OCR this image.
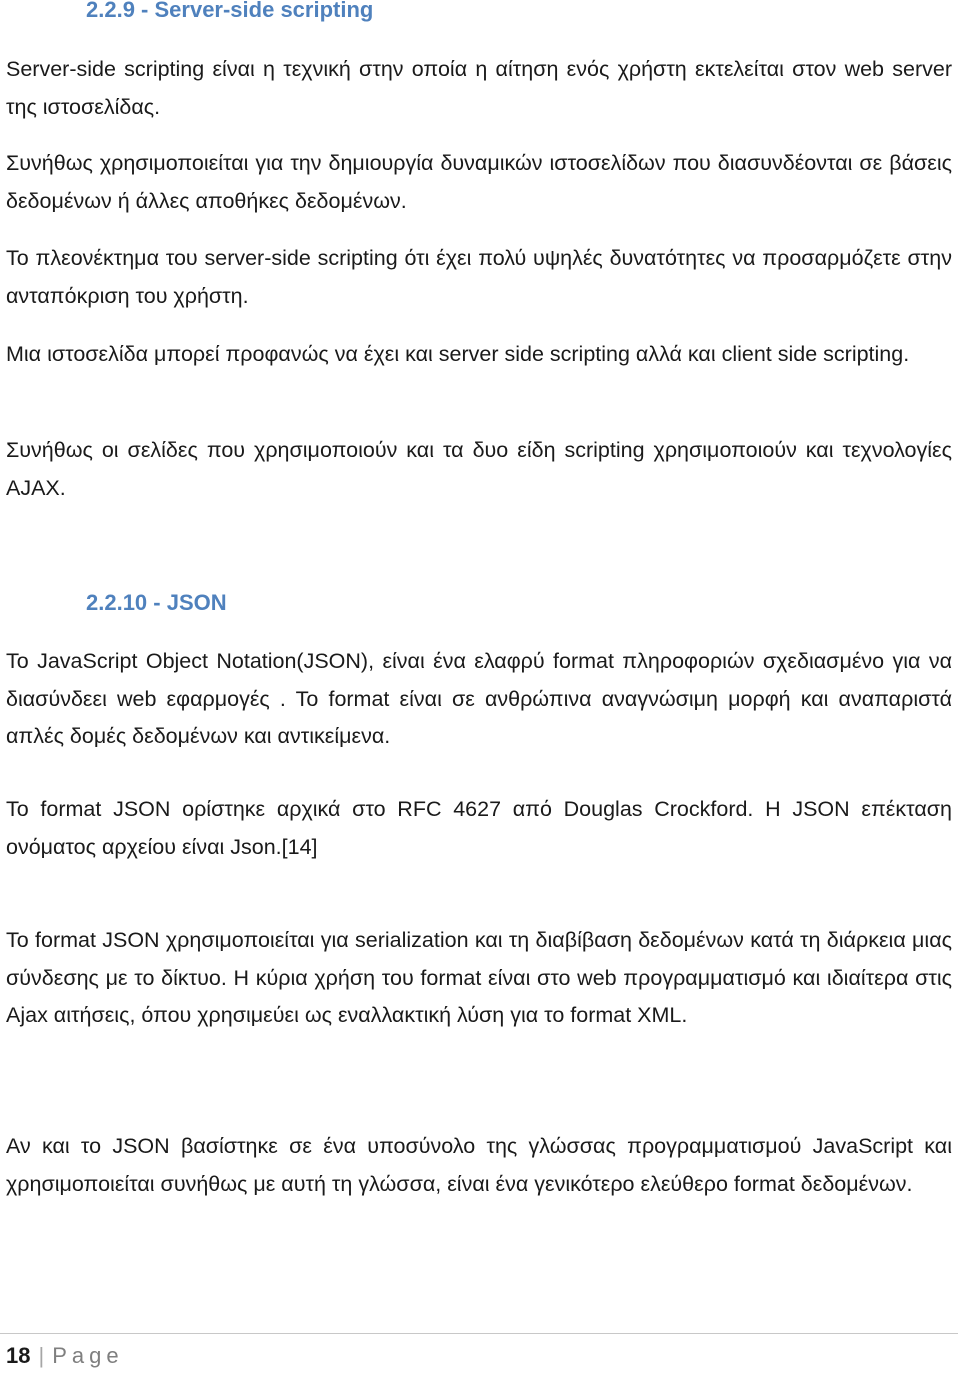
2.2.9 - Server-side scripting

Server-side scripting είναι η τεχνική στην οποία η αίτηση ενός χρήστη εκτελείται στον web server της ιστοσελίδας.

Συνήθως χρησιμοποιείται για την δημιουργία δυναμικών ιστοσελίδων που διασυνδέονται σε βάσεις δεδομένων ή άλλες αποθήκες δεδομένων.

Το πλεονέκτημα του server-side scripting ότι έχει πολύ υψηλές δυνατότητες να προσαρμόζετε στην ανταπόκριση του χρήστη.

Μια ιστοσελίδα μπορεί προφανώς να έχει και server side scripting αλλά και client side scripting.

Συνήθως οι σελίδες που χρησιμοποιούν και τα δυο είδη scripting χρησιμοποιούν και τεχνολογίες AJAX.

2.2.10 - JSON

Το JavaScript Object Notation(JSON), είναι ένα ελαφρύ format πληροφοριών σχεδιασμένο για να διασύνδεει web εφαρμογές . Το format είναι σε ανθρώπινα αναγνώσιμη μορφή και αναπαριστά απλές δομές δεδομένων και αντικείμενα.

Το format JSON ορίστηκε αρχικά στο RFC 4627 από Douglas Crockford. Η JSON επέκταση ονόματος αρχείου είναι Json.[14]

Το format JSON χρησιμοποιείται για serialization και τη διαβίβαση δεδομένων κατά τη διάρκεια μιας σύνδεσης με το δίκτυο. Η κύρια χρήση του format είναι στο web προγραμματισμό και ιδιαίτερα στις Ajax αιτήσεις, όπου χρησιμεύει ως εναλλακτική λύση για το format XML.

Αν και το JSON βασίστηκε σε ένα υποσύνολο της γλώσσας προγραμματισμού JavaScript και χρησιμοποιείται συνήθως με αυτή τη γλώσσα, είναι ένα γενικότερο ελεύθερο format δεδομένων.

18 | Page
